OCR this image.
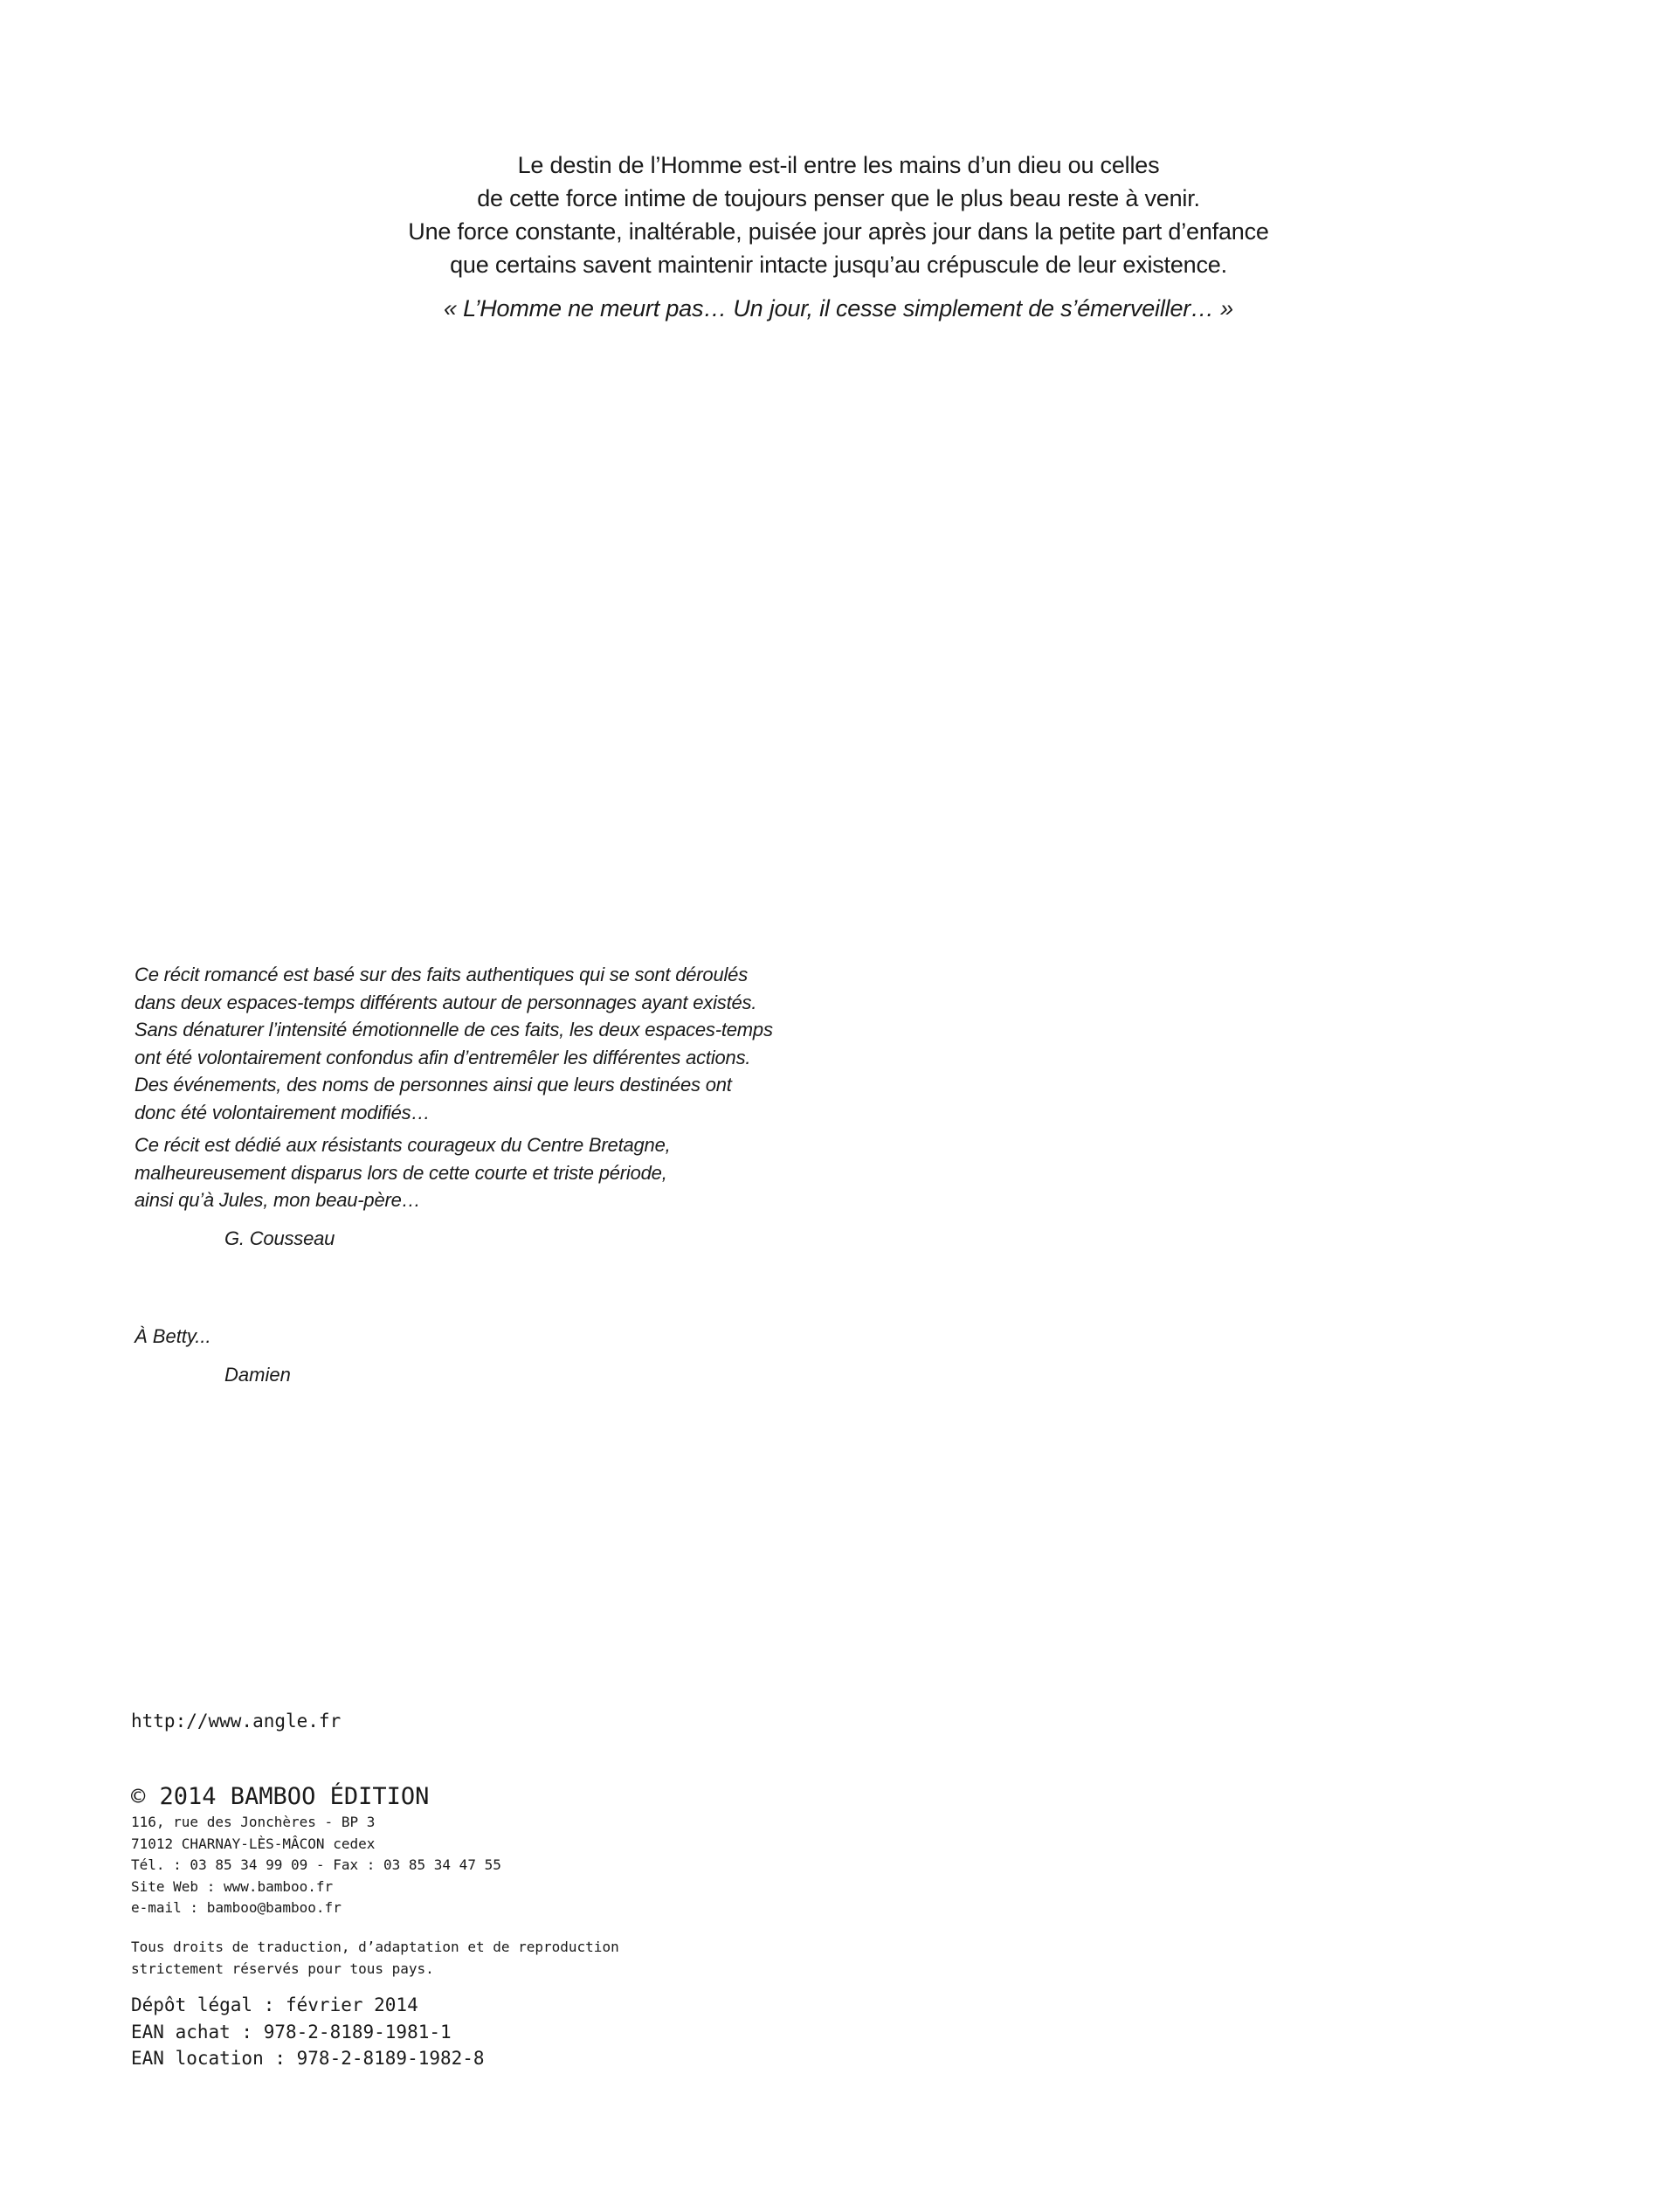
Le destin de l’Homme est-il entre les mains d’un dieu ou celles
de cette force intime de toujours penser que le plus beau reste à venir.
Une force constante, inaltérable, puisée jour après jour dans la petite part d’enfance
que certains savent maintenir intacte jusqu’au crépuscule de leur existence.
« L’Homme ne meurt pas… Un jour, il cesse simplement de s’émerveiller… »

Ce récit romancé est basé sur des faits authentiques qui se sont déroulés
dans deux espaces-temps différents autour de personnages ayant existés.
Sans dénaturer l’intensité émotionnelle de ces faits, les deux espaces-temps
ont été volontairement confondus afin d’entremêler les différentes actions.
Des événements, des noms de personnes ainsi que leurs destinées ont
donc été volontairement modifiés…

Ce récit est dédié aux résistants courageux du Centre Bretagne,
malheureusement disparus lors de cette courte et triste période,
ainsi qu’à Jules, mon beau-père…

G. Cousseau
À Betty...
Damien
http://www.angle.fr
© 2014 BAMBOO ÉDITION
116, rue des Jonchères - BP 3
71012 CHARNAY-LÈS-MÂCON cedex
Tél. : 03 85 34 99 09 - Fax : 03 85 34 47 55
Site Web : www.bamboo.fr
e-mail : bamboo@bamboo.fr
Tous droits de traduction, d’adaptation et de reproduction
strictement réservés pour tous pays.
Dépôt légal : février 2014
EAN achat : 978-2-8189-1981-1
EAN location : 978-2-8189-1982-8
